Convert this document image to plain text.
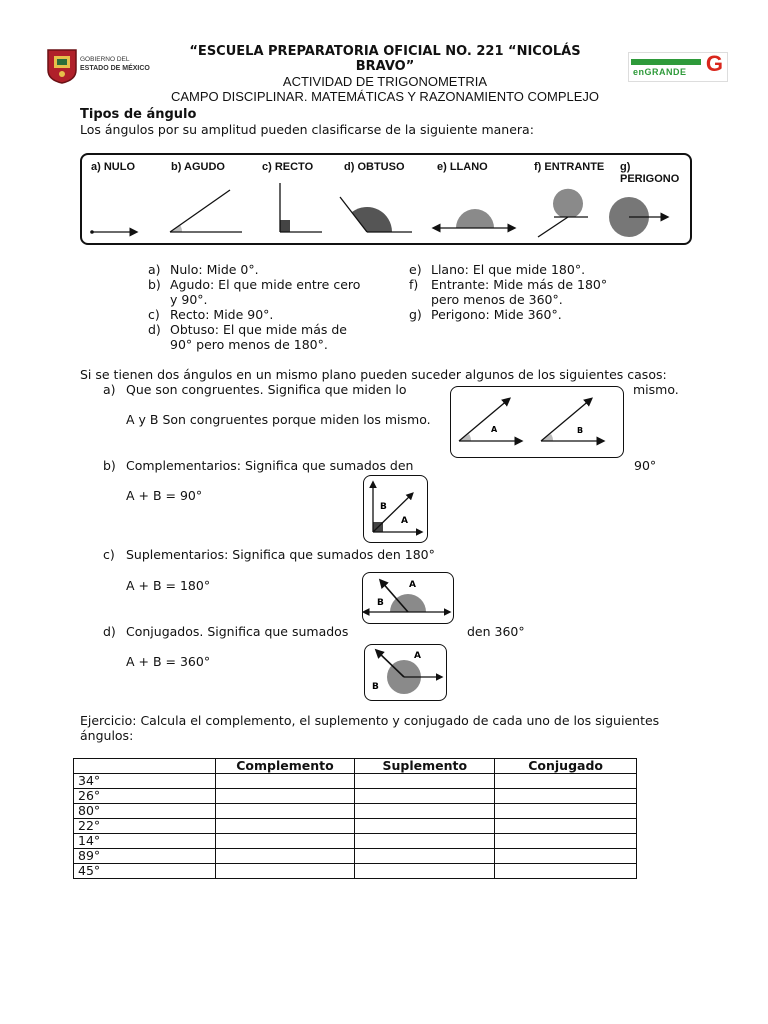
GOBIERNO DEL
ESTADO DE MÉXICO
“ESCUELA PREPARATORIA OFICIAL NO. 221 “NICOLÁS BRAVO”
ACTIVIDAD DE TRIGONOMETRIA
CAMPO DISCIPLINAR. MATEMÁTICAS Y RAZONAMIENTO COMPLEJO
G
enGRANDE
Tipos de ángulo
Los ángulos por su amplitud pueden clasificarse de la siguiente manera:
a) NULO	b) AGUDO	c) RECTO	d) OBTUSO	e) LLANO	f) ENTRANTE g) PERIGONO
a) Nulo: Mide 0°.
b) Agudo: El que mide entre cero
y 90°.
c) Recto: Mide 90°.
d) Obtuso: El que mide más de
90° pero menos de 180°.
e) Llano: El que mide 180°.
f) Entrante: Mide más de 180°
pero menos de 360°.
g) Perigono: Mide 360°.
Si se tienen dos ángulos en un mismo plano pueden suceder algunos de los siguientes casos:
a) Que son congruentes. Significa que miden lo	mismo.
A y B Son congruentes porque miden los mismo.
A	B
b) Complementarios: Significa que sumados den	90°
A + B = 90°
B
A
c) Suplementarios: Significa que sumados den 180°
A + B = 180°	A
B
d) Conjugados. Significa que sumados	den 360°
A + B = 360°	A
B
Ejercicio: Calcula el complemento, el suplemento y conjugado de cada uno de los siguientes
ángulos:
	Complemento	Suplemento	Conjugado
34°			
26°			
80°			
22°			
14°			
89°			
45°			
